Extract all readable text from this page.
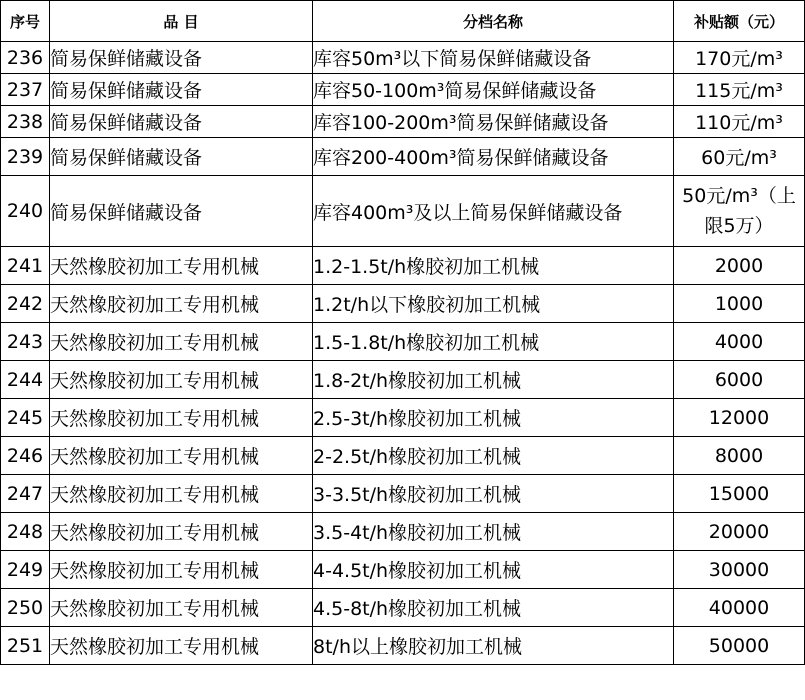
序号	品 目	分档名称	补贴额（元）
236	简易保鲜储藏设备	库容50m³以下简易保鲜储藏设备	170元/m³
237	简易保鲜储藏设备	库容50-100m³简易保鲜储藏设备	115元/m³
238	简易保鲜储藏设备	库容100-200m³简易保鲜储藏设备	110元/m³
239	简易保鲜储藏设备	库容200-400m³简易保鲜储藏设备	60元/m³
240	简易保鲜储藏设备	库容400m³及以上简易保鲜储藏设备	50元/m³（上限5万）
241	天然橡胶初加工专用机械	1.2-1.5t/h橡胶初加工机械	2000
242	天然橡胶初加工专用机械	1.2t/h以下橡胶初加工机械	1000
243	天然橡胶初加工专用机械	1.5-1.8t/h橡胶初加工机械	4000
244	天然橡胶初加工专用机械	1.8-2t/h橡胶初加工机械	6000
245	天然橡胶初加工专用机械	2.5-3t/h橡胶初加工机械	12000
246	天然橡胶初加工专用机械	2-2.5t/h橡胶初加工机械	8000
247	天然橡胶初加工专用机械	3-3.5t/h橡胶初加工机械	15000
248	天然橡胶初加工专用机械	3.5-4t/h橡胶初加工机械	20000
249	天然橡胶初加工专用机械	4-4.5t/h橡胶初加工机械	30000
250	天然橡胶初加工专用机械	4.5-8t/h橡胶初加工机械	40000
251	天然橡胶初加工专用机械	8t/h以上橡胶初加工机械	50000
